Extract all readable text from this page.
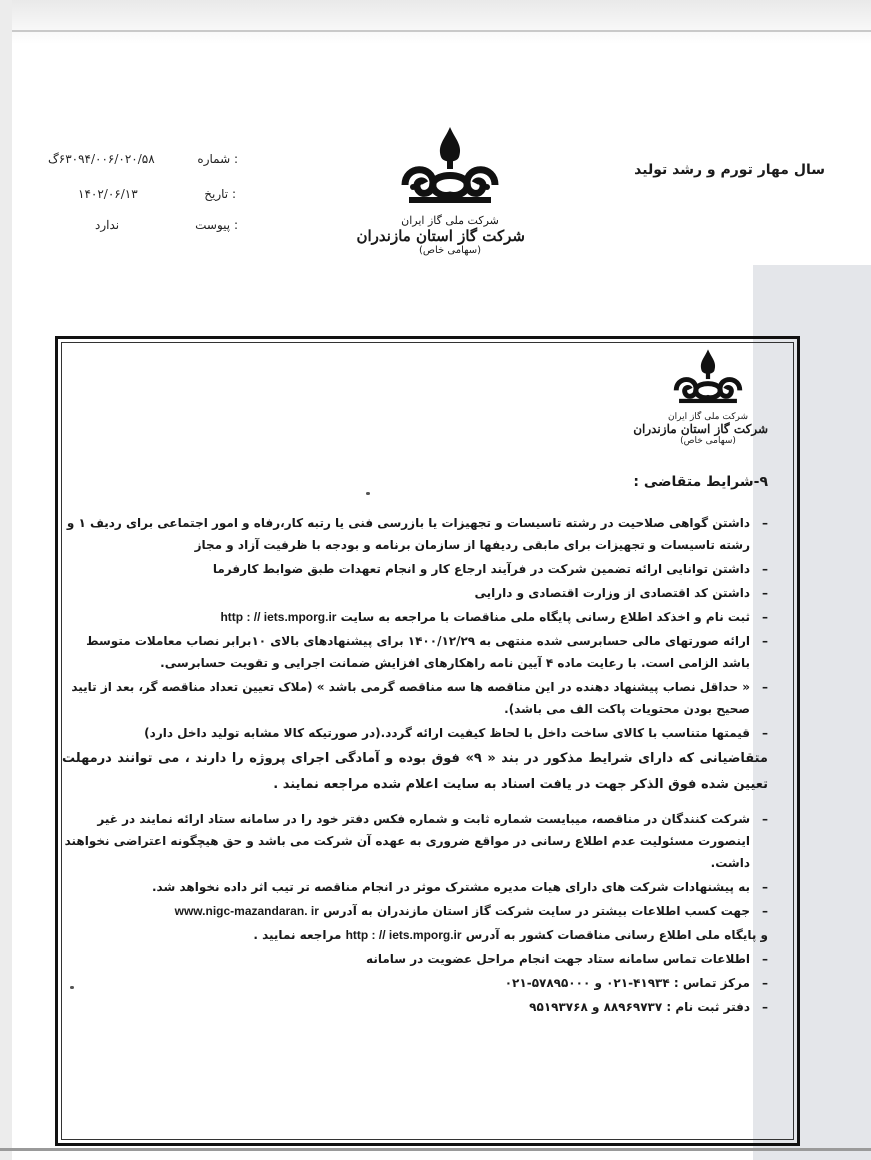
۶۳۰۹۴/۰۰۶/۰۲۰/۵۸گ	شماره :
۱۴۰۲/۰۶/۱۳	تاریخ :
ندارد	پیوست :
سال مهار تورم و رشد تولید
شرکت ملی گاز ایران
شرکت گاز استان مازندران
(سهامی خاص)
شرکت ملی گاز ایران
شرکت گاز استان مازندران
(سهامی خاص)
۹-شرایط متقاضی :
–
داشتن گواهی صلاحیت در رشته تاسیسات و تجهیزات یا بازرسی فنی یا رتبه کار،رفاه و امور اجتماعی برای ردیف ۱ و رشته تاسیسات و تجهیزات برای مابقی ردیفها از سازمان برنامه و بودجه با ظرفیت آزاد و مجاز
–
داشتن توانایی ارائه تضمین شرکت در فرآیند ارجاع کار و انجام تعهدات طبق ضوابط کارفرما
–
داشتن کد اقتصادی از وزارت اقتصادی و دارایی
–
ثبت نام و اخذکد اطلاع رسانی پایگاه ملی مناقصات با مراجعه به سایت http : // iets.mporg.ir
–
ارائه صورتهای مالی حسابرسی شده منتهی به ۱۴۰۰/۱۲/۲۹ برای پیشنهادهای بالای ۱۰برابر نصاب معاملات متوسط باشد الزامی است. با رعایت ماده ۴ آیین نامه راهکارهای افزایش ضمانت اجرایی و تقویت حسابرسی.
–
« حداقل نصاب پیشنهاد دهنده در این مناقصه ها سه مناقصه گرمی باشد » (ملاک تعیین تعداد مناقصه گر، بعد از تایید صحیح بودن محتویات پاکت الف می باشد).
–
قیمتها متناسب با کالای ساخت داخل با لحاظ کیفیت ارائه گردد.(در صورتیکه کالا مشابه تولید داخل دارد)
متقاضیانی که دارای شرایط مذکور در بند « ۹» فوق بوده و آمادگی اجرای پروژه را دارند ، می توانند درمهلت تعیین شده فوق الذکر جهت در یافت اسناد به سایت اعلام شده مراجعه نمایند .
–
شرکت کنندگان در مناقصه، میبایست شماره ثابت و شماره فکس دفتر خود را در سامانه ستاد ارائه نمایند در غیر اینصورت مسئولیت عدم اطلاع رسانی در مواقع ضروری به عهده آن شرکت می باشد و حق هیچگونه اعتراضی نخواهند داشت.
–
به پیشنهادات شرکت های دارای هیات مدیره مشترک موثر در انجام مناقصه تر تیب اثر داده نخواهد شد.
–
جهت کسب اطلاعات بیشتر در سایت شرکت گاز استان مازندران به آدرس www.nigc-mazandaran. ir
و پایگاه ملی اطلاع رسانی مناقصات کشور به آدرس http : // iets.mporg.ir مراجعه نمایید .
–
اطلاعات تماس سامانه ستاد جهت انجام مراحل عضویت در سامانه
–
مرکز تماس : ۴۱۹۳۴-۰۲۱ و ۵۷۸۹۵۰۰۰-۰۲۱
–
دفتر ثبت نام : ۸۸۹۶۹۷۳۷ و ۹۵۱۹۳۷۶۸
